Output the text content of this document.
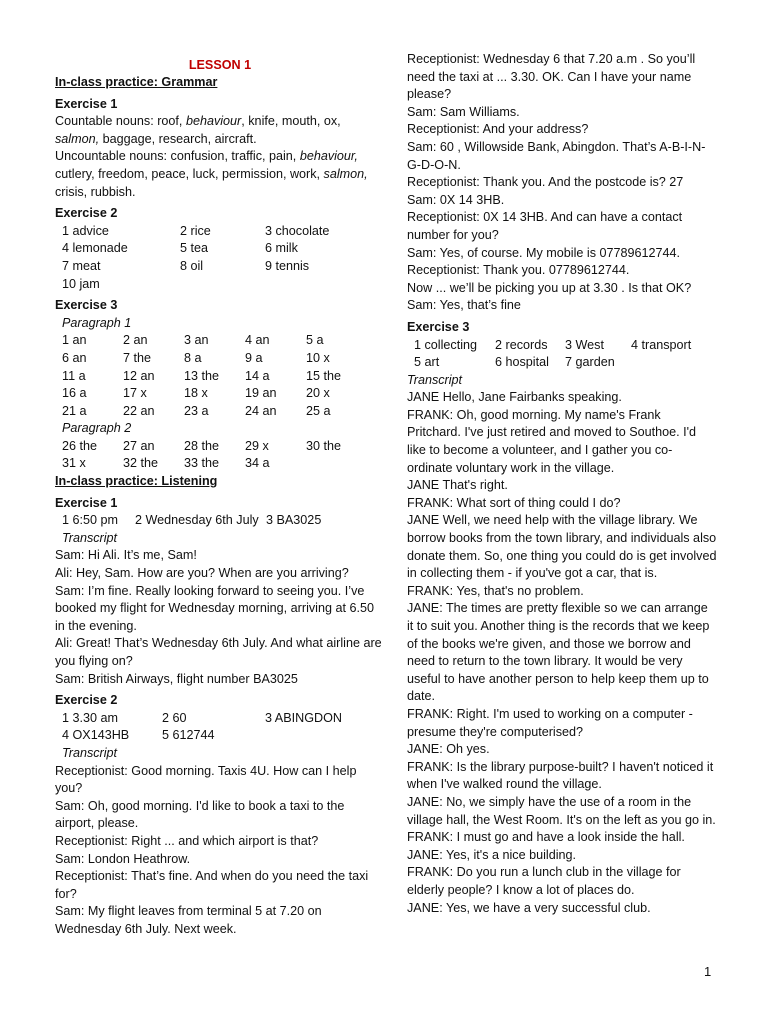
LESSON 1
In-class practice: Grammar
Exercise 1

Countable nouns: roof, behaviour, knife, mouth, ox, salmon, baggage, research, aircraft.

Uncountable nouns: confusion, traffic, pain, behaviour, cutlery, freedom, peace, luck, permission, work, salmon, crisis, rubbish.

Exercise 2
1 advice	2 rice	3 chocolate
4 lemonade	5 tea	6 milk
7 meat	8 oil	9 tennis
10 jam
Exercise 3
Paragraph 1
1 an	2 an	3 an	4 an	5 a
6 an	7 the	8 a	9 a	10 x
11 a	12 an	13 the	14 a	15 the
16 a	17 x	18 x	19 an	20 x
21 a	22 an	23 a	24 an	25 a
Paragraph 2
26 the	27 an	28 the	29 x	30 the
31 x	32 the	33 the	34 a
In-class practice: Listening
Exercise 1
1 6:50 pm	2 Wednesday 6th July 3 BA3025
Transcript

Sam: Hi Ali. It’s me, Sam!

Ali: Hey, Sam. How are you? When are you arriving?

Sam: I’m fine. Really looking forward to seeing you. I’ve booked my flight for Wednesday morning, arriving at 6.50 in the evening.

Ali: Great! That’s Wednesday 6th July. And what airline are you flying on?

Sam: British Airways, flight number BA3025

Exercise 2
1 3.30 am	2 60	3 ABINGDON
4 OX143HB	5 612744
Transcript

Receptionist: Good morning. Taxis 4U. How can I help you?

Sam: Oh, good morning. I'd like to book a taxi to the airport, please.

Receptionist: Right ... and which airport is that?

Sam: London Heathrow.

Receptionist: That’s fine. And when do you need the taxi for?

Sam: My flight leaves from terminal 5 at 7.20 on Wednesday 6th July. Next week.

Receptionist: Wednesday 6 that 7.20 a.m . So you’ll need the taxi at ... 3.30. OK. Can I have your name please?

Sam: Sam Williams.

Receptionist: And your address?

Sam: 60 , Willowside Bank, Abingdon. That’s A-B-I-N-G-D-O-N.

Receptionist: Thank you. And the postcode is? 27

Sam: 0X 14 3HB.

Receptionist: 0X 14 3HB. And can have a contact number for you?

Sam: Yes, of course. My mobile is 07789612744.

Receptionist: Thank you. 07789612744.

Now ... we’ll be picking you up at 3.30 . Is that OK?

Sam: Yes, that’s fine

Exercise 3
1 collecting	2 records	3 West	4 transport
5 art	6 hospital	7 garden
Transcript

JANE Hello, Jane Fairbanks speaking.

FRANK: Oh, good morning. My name's Frank Pritchard. I've just retired and moved to Southoe. I'd like to become a volunteer, and I gather you co-ordinate voluntary work in the village.

JANE That's right.

FRANK: What sort of thing could I do?

JANE Well, we need help with the village library. We borrow books from the town library, and individuals also donate them. So, one thing you could do is get involved in collecting them - if you've got a car, that is.

FRANK: Yes, that's no problem.

JANE: The times are pretty flexible so we can arrange it to suit you. Another thing is the records that we keep of the books we're given, and those we borrow and need to return to the town library. It would be very useful to have another person to help keep them up to date.

FRANK: Right. I'm used to working on a computer - presume they're computerised?

JANE: Oh yes.

FRANK: Is the library purpose-built? I haven't noticed it when I've walked round the village.

JANE: No, we simply have the use of a room in the village hall, the West Room. It's on the left as you go in.

FRANK: I must go and have a look inside the hall.

JANE: Yes, it's a nice building.

FRANK: Do you run a lunch club in the village for elderly people? I know a lot of places do.

JANE: Yes, we have a very successful club.

1
